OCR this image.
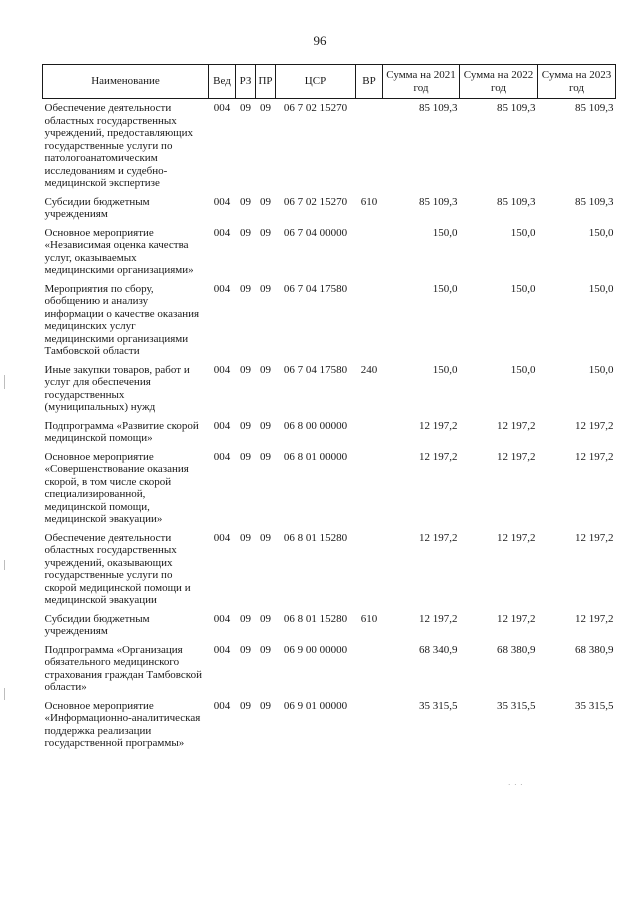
96
· · ·
Наименование	Вед	РЗ	ПР	ЦСР	ВР	Сумма на 2021 год	Сумма на 2022 год	Сумма на 2023 год
Обеспечение деятельности областных государственных учреждений, предоставляющих государственные услуги по патологоанатомическим исследованиям и судебно-медицинской экспертизе	004	09	09	06 7 02 15270		85 109,3	85 109,3	85 109,3
Субсидии бюджетным учреждениям	004	09	09	06 7 02 15270	610	85 109,3	85 109,3	85 109,3
Основное мероприятие «Независимая оценка качества услуг, оказываемых медицинскими организациями»	004	09	09	06 7 04 00000		150,0	150,0	150,0
Мероприятия по сбору, обобщению и анализу информации о качестве оказания медицинских услуг медицинскими организациями Тамбовской области	004	09	09	06 7 04 17580		150,0	150,0	150,0
Иные закупки товаров, работ и услуг для обеспечения государственных (муниципальных) нужд	004	09	09	06 7 04 17580	240	150,0	150,0	150,0
Подпрограмма «Развитие скорой медицинской помощи»	004	09	09	06 8 00 00000		12 197,2	12 197,2	12 197,2
Основное мероприятие «Совершенствование оказания скорой, в том числе скорой специализированной, медицинской помощи, медицинской эвакуации»	004	09	09	06 8 01 00000		12 197,2	12 197,2	12 197,2
Обеспечение деятельности областных государственных учреждений, оказывающих государственные услуги по скорой медицинской помощи и медицинской эвакуации	004	09	09	06 8 01 15280		12 197,2	12 197,2	12 197,2
Субсидии бюджетным учреждениям	004	09	09	06 8 01 15280	610	12 197,2	12 197,2	12 197,2
Подпрограмма «Организация обязательного медицинского страхования граждан Тамбовской области»	004	09	09	06 9 00 00000		68 340,9	68 380,9	68 380,9
Основное мероприятие «Информационно-аналитическая поддержка реализации государственной программы»	004	09	09	06 9 01 00000		35 315,5	35 315,5	35 315,5
